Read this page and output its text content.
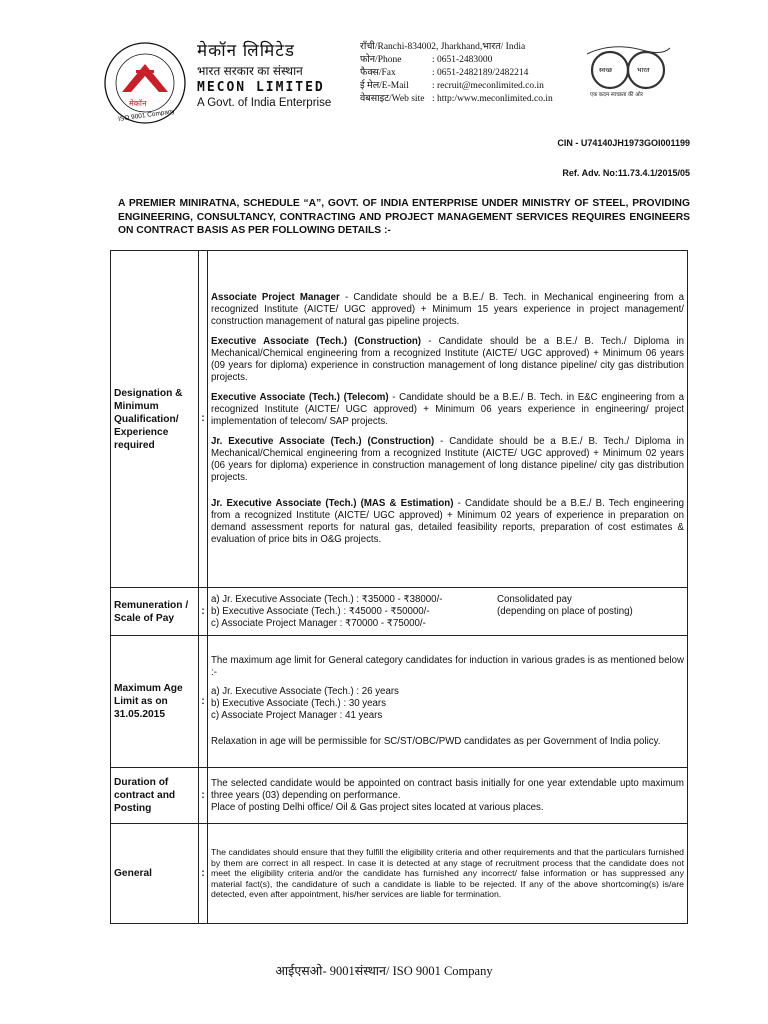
मेकॉन
ISO 9001 Company
मेकॉन लिमिटेड
भारत सरकार का संस्थान
MECON LIMITED
A Govt. of India Enterprise
राँची/Ranchi-834002, Jharkhand,भारत/ India
फोन/Phone	: 0651-2483000
फैक्स/Fax	: 0651-2482189/2482214
ई मेल/E-Mail : recruit@meconlimited.co.in
वेबसाइट/Web site : http:/www.meconlimited.co.in
स्वच्छ	भारत
एक कदम स्वच्छता की ओर
CIN - U74140JH1973GOI001199
Ref. Adv. No:11.73.4.1/2015/05
A PREMIER MINIRATNA, SCHEDULE “A”, GOVT. OF INDIA ENTERPRISE UNDER MINISTRY OF STEEL, PROVIDING ENGINEERING, CONSULTANCY, CONTRACTING AND PROJECT MANAGEMENT SERVICES REQUIRES ENGINEERS ON CONTRACT BASIS AS PER FOLLOWING DETAILS :-
Designation & Minimum Qualification/ Experience required	:	Associate Project Manager - Candidate should be a B.E./ B. Tech. in Mechanical engineering from a recognized Institute (AICTE/ UGC approved) + Minimum 15 years experience in project management/ construction management of natural gas pipeline projects.
Executive Associate (Tech.) (Construction) - Candidate should be a B.E./ B. Tech./ Diploma in Mechanical/Chemical engineering from a recognized Institute (AICTE/ UGC approved) + Minimum 06 years (09 years for diploma) experience in construction management of long distance pipeline/ city gas distribution projects.
Executive Associate (Tech.) (Telecom) - Candidate should be a B.E./ B. Tech. in E&C engineering from a recognized Institute (AICTE/ UGC approved) + Minimum 06 years experience in engineering/ project implementation of telecom/ SAP projects.
Jr. Executive Associate (Tech.) (Construction) - Candidate should be a B.E./ B. Tech./ Diploma in Mechanical/Chemical engineering from a recognized Institute (AICTE/ UGC approved) + Minimum 02 years (06 years for diploma) experience in construction management of long distance pipeline/ city gas distribution projects.
Jr. Executive Associate (Tech.) (MAS & Estimation) - Candidate should be a B.E./ B. Tech engineering from a recognized Institute (AICTE/ UGC approved) + Minimum 02 years of experience in preparation on demand assessment reports for natural gas, detailed feasibility reports, preparation of cost estimates & evaluation of price bits in O&G projects.

Remuneration / Scale of Pay	:	a) Jr. Executive Associate (Tech.) : ₹35000 - ₹38000/- Consolidated pay
b) Executive Associate (Tech.) : ₹45000 - ₹50000/- (depending on place of posting)
c) Associate Project Manager : ₹70000 - ₹75000/-

Maximum Age Limit as on 31.05.2015	:	The maximum age limit for General category candidates for induction in various grades is as mentioned below :-
a) Jr. Executive Associate (Tech.) : 26 years
b) Executive Associate (Tech.) : 30 years
c) Associate Project Manager : 41 years
Relaxation in age will be permissible for SC/ST/OBC/PWD candidates as per Government of India policy.

Duration of contract and Posting	:	The selected candidate would be appointed on contract basis initially for one year extendable upto maximum three years (03) depending on performance.
Place of posting Delhi office/ Oil & Gas project sites located at various places.

General	:	The candidates should ensure that they fulfill the eligibility criteria and other requirements and that the particulars furnished by them are correct in all respect. In case it is detected at any stage of recruitment process that the candidate does not meet the eligibility criteria and/or the candidate has furnished any incorrect/ false information or has suppressed any material fact(s), the candidature of such a candidate is liable to be rejected. If any of the above shortcoming(s) is/are detected, even after appointment, his/her services are liable for termination.
आईएसओ- 9001संस्थान/ ISO 9001 Company
